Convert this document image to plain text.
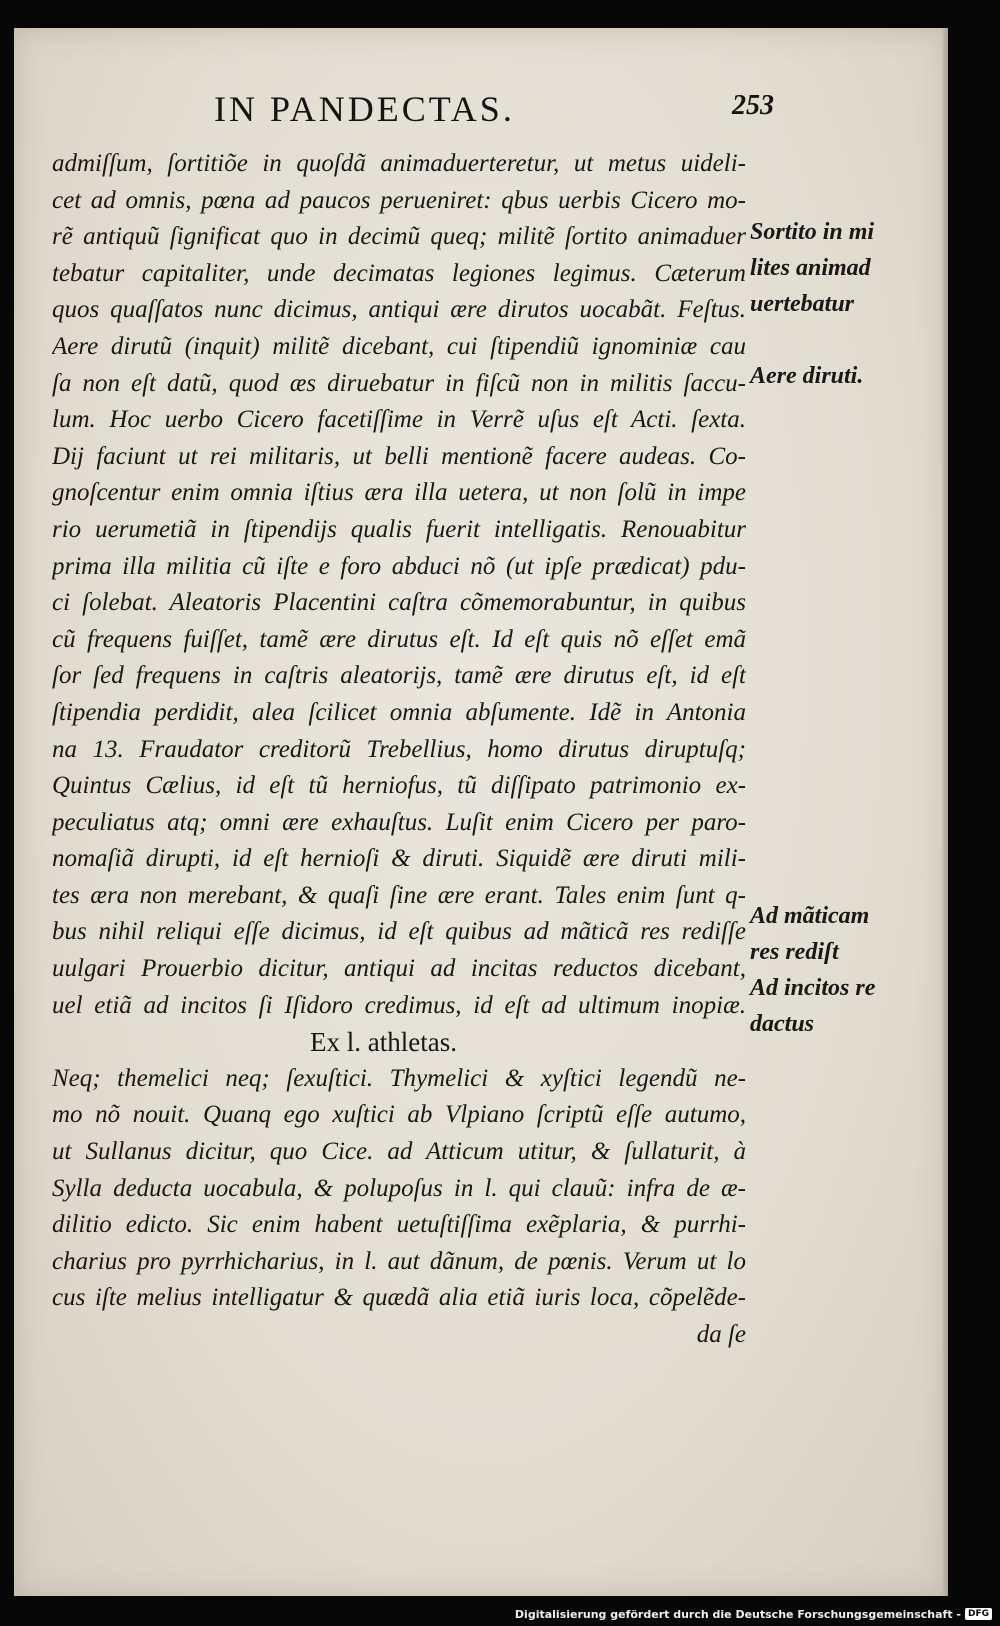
IN PANDECTAS.	253
admiſſum, ſortitiõe in quoſdã animaduerteretur, ut metus uideli-
cet ad omnis, pœna ad paucos perueniret: qbus uerbis Cicero mo-
rẽ antiquũ ſignificat quo in decimũ queq; militẽ ſortito animaduer
tebatur capitaliter, unde decimatas legiones legimus. Cæterum
quos quaſſatos nunc dicimus, antiqui ære dirutos uocabãt. Feſtus.
Aere dirutũ (inquit) militẽ dicebant, cui ſtipendiũ ignominiæ cau
ſa non eſt datũ, quod æs diruebatur in fiſcũ non in militis ſaccu-
lum. Hoc uerbo Cicero facetiſſime in Verrẽ uſus eſt Acti. ſexta.
Dij faciunt ut rei militaris, ut belli mentionẽ facere audeas. Co-
gnoſcentur enim omnia iſtius æra illa uetera, ut non ſolũ in impe
rio uerumetiã in ſtipendijs qualis fuerit intelligatis. Renouabitur
prima illa militia cũ iſte e foro abduci nõ (ut ipſe prædicat) pdu-
ci ſolebat. Aleatoris Placentini caſtra cõmemorabuntur, in quibus
cũ frequens fuiſſet, tamẽ ære dirutus eſt. Id eſt quis nõ eſſet emã
ſor ſed frequens in caſtris aleatorijs, tamẽ ære dirutus eſt, id eſt
ſtipendia perdidit, alea ſcilicet omnia abſumente. Idẽ in Antonia
na 13. Fraudator creditorũ Trebellius, homo dirutus diruptuſq;
Quintus Cælius, id eſt tũ herniofus, tũ diſſipato patrimonio ex-
peculiatus atq; omni ære exhauſtus. Luſit enim Cicero per paro-
nomaſiã dirupti, id eſt hernioſi & diruti. Siquidẽ ære diruti mili-
tes æra non merebant, & quaſi ſine ære erant. Tales enim ſunt q-
bus nihil reliqui eſſe dicimus, id eſt quibus ad mãticã res rediſſe
uulgari Prouerbio dicitur, antiqui ad incitas reductos dicebant,
uel etiã ad incitos ſi Iſidoro credimus, id eſt ad ultimum inopiæ.
Ex l. athletas.
Neq; themelici neq; ſexuſtici. Thymelici & xyſtici legendũ ne-
mo nõ nouit. Quanq ego xuſtici ab Vlpiano ſcriptũ eſſe autumo,
ut Sullanus dicitur, quo Cice. ad Atticum utitur, & ſullaturit, à
Sylla deducta uocabula, & polupoſus in l. qui clauũ: infra de æ-
dilitio edicto. Sic enim habent uetuſtiſſima exẽplaria, & purrhi-
charius pro pyrrhicharius, in l. aut dãnum, de pœnis. Verum ut lo
cus iſte melius intelligatur & quædã alia etiã iuris loca, cõpelẽde-
da ſe
Sortito in mi
lites animad
uertebatur
Aere diruti.
Ad mãticam
res rediſt
Ad incitos re
dactus
Digitalisierung gefördert durch die Deutsche Forschungsgemeinschaft - DFG
